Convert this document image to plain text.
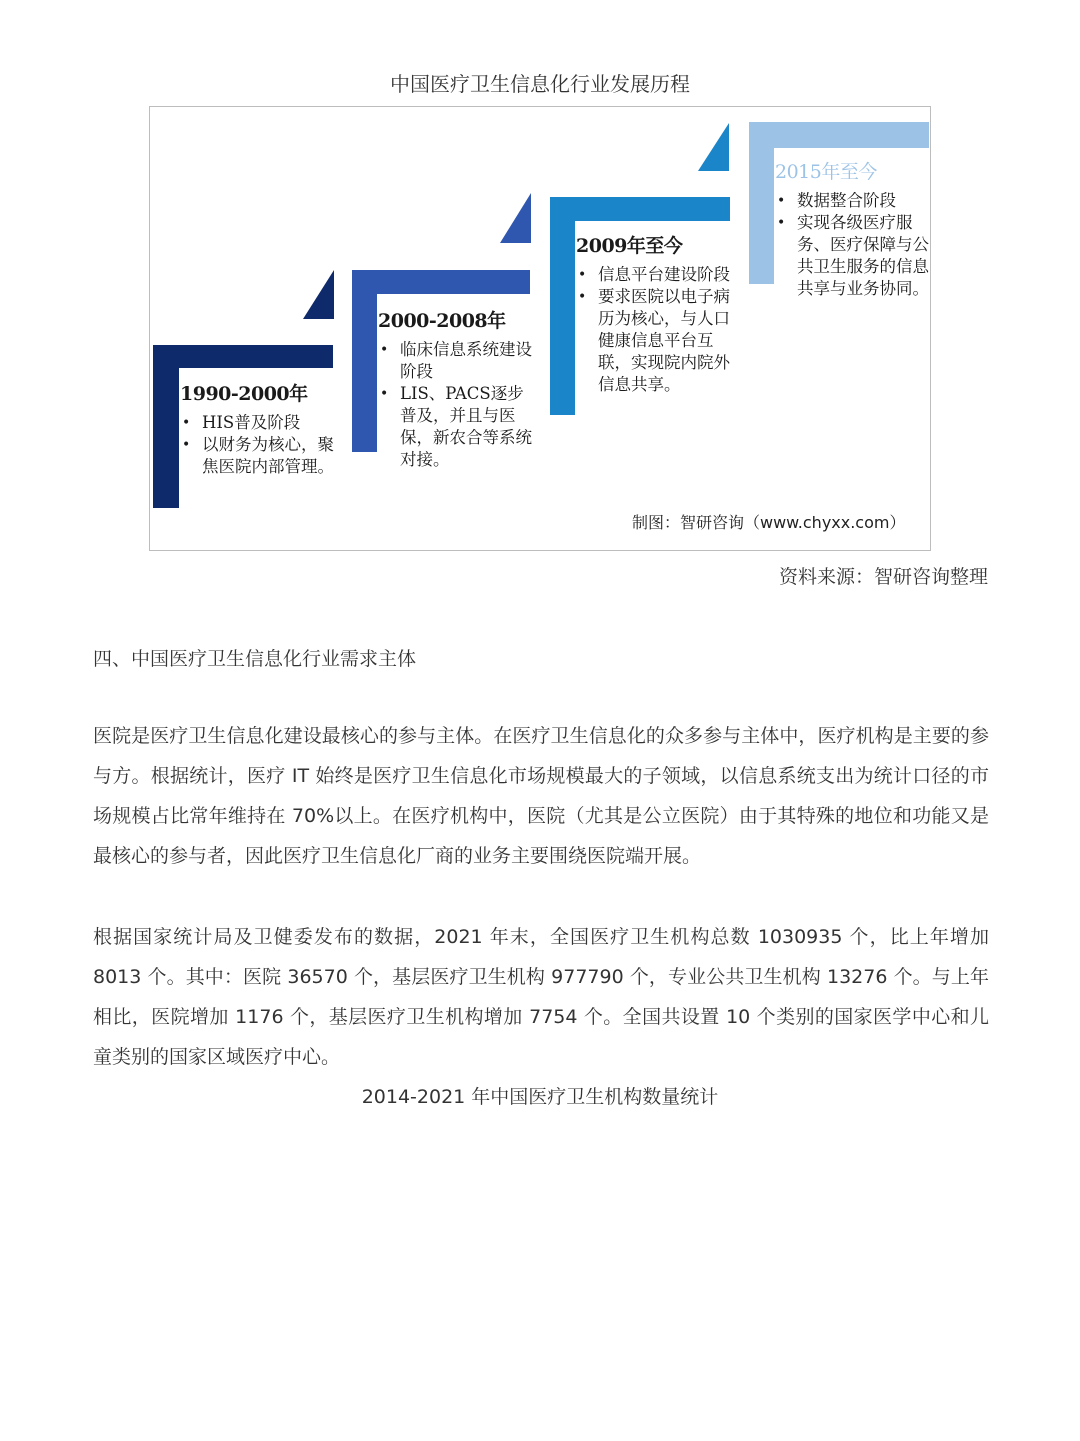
中国医疗卫生信息化行业发展历程
1990-2000年
• HIS普及阶段
• 以财务为核心，聚焦医院内部管理。
2000-2008年
• 临床信息系统建设阶段
• LIS、PACS逐步普及，并且与医保，新农合等系统对接。
2009年至今
• 信息平台建设阶段
• 要求医院以电子病历为核心，与人口健康信息平台互联，实现院内院外信息共享。
2015年至今
• 数据整合阶段
• 实现各级医疗服务、医疗保障与公共卫生服务的信息共享与业务协同。
制图：智研咨询（www.chyxx.com）
资料来源：智研咨询整理
四、中国医疗卫生信息化行业需求主体

医院是医疗卫生信息化建设最核心的参与主体。在医疗卫生信息化的众多参与主体中，医疗机构是主要的参与方。根据统计，医疗 IT 始终是医疗卫生信息化市场规模最大的子领域，以信息系统支出为统计口径的市场规模占比常年维持在 70%以上。在医疗机构中，医院（尤其是公立医院）由于其特殊的地位和功能又是最核心的参与者，因此医疗卫生信息化厂商的业务主要围绕医院端开展。

根据国家统计局及卫健委发布的数据，2021 年末，全国医疗卫生机构总数 1030935 个，比上年增加 8013 个。其中：医院 36570 个，基层医疗卫生机构 977790 个，专业公共卫生机构 13276 个。与上年相比，医院增加 1176 个，基层医疗卫生机构增加 7754 个。全国共设置 10 个类别的国家医学中心和儿童类别的国家区域医疗中心。

2014-2021 年中国医疗卫生机构数量统计
